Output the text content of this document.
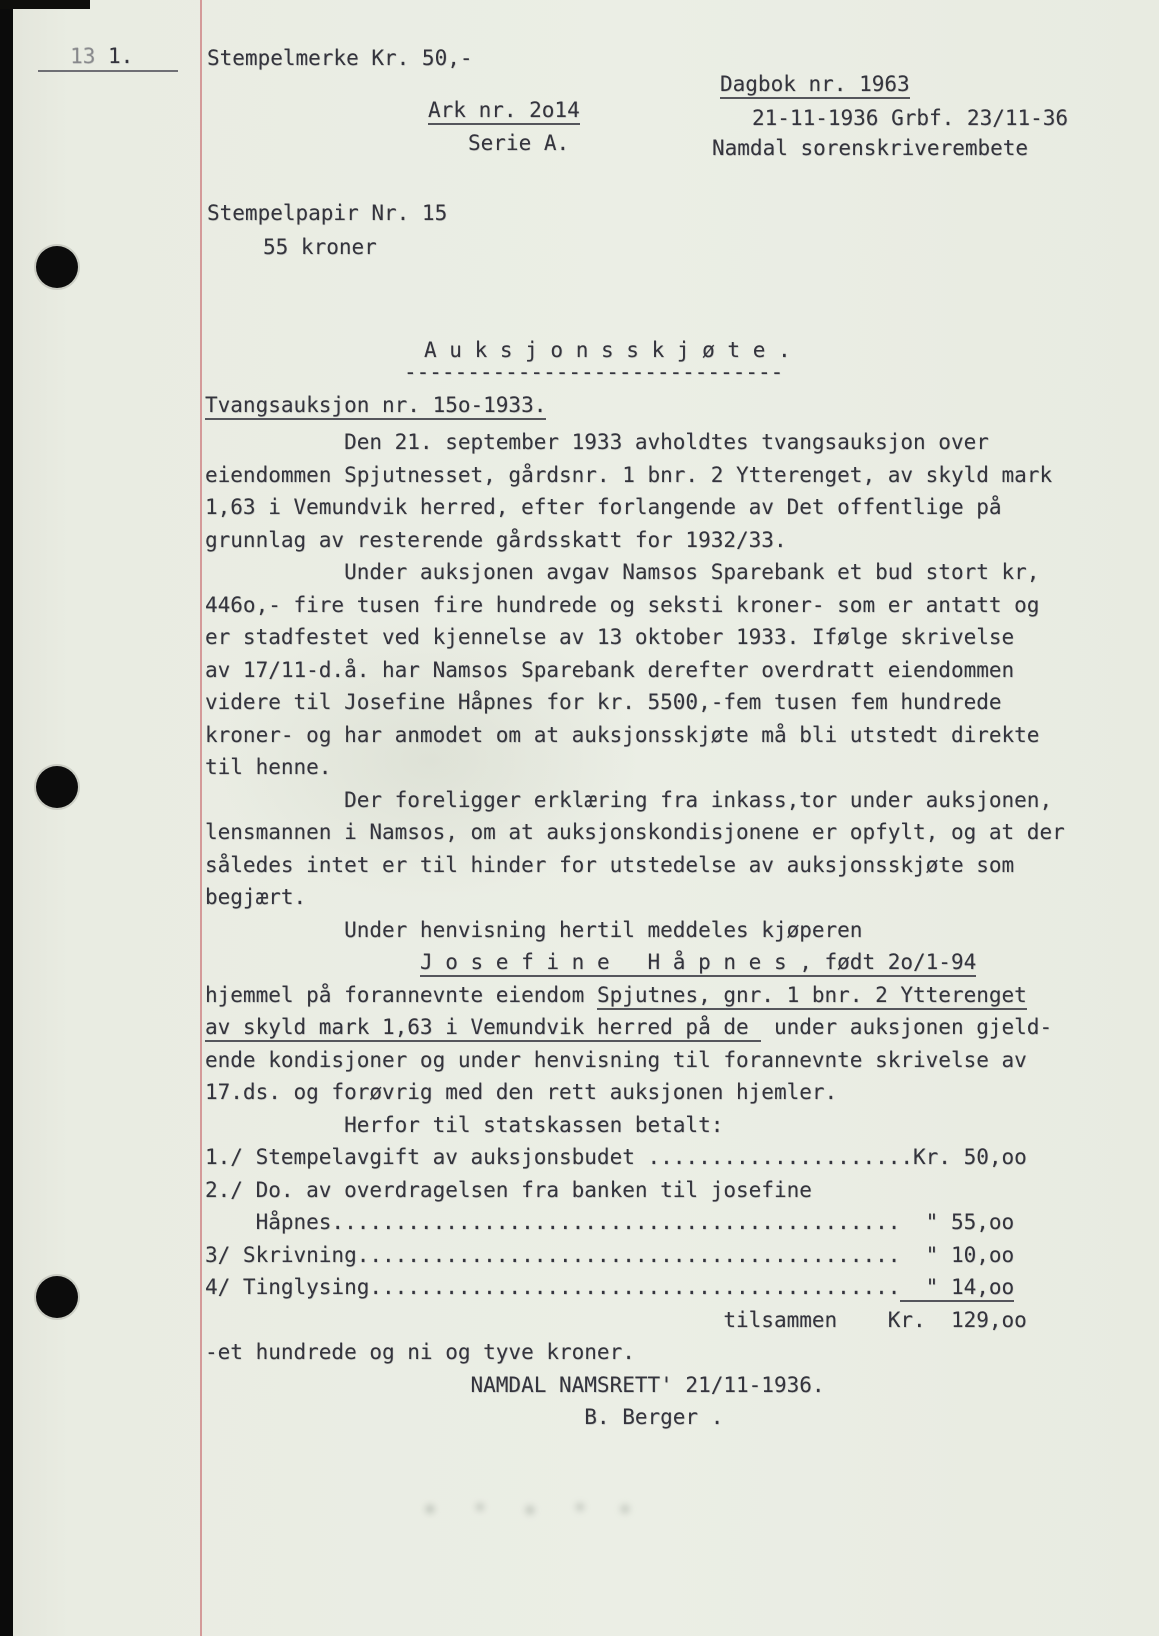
13 1.	Stempelmerke Kr. 50,-
Ark nr. 2o14
Serie A.
Dagbok nr. 1963
21-11-1936 Grbf. 23/11-36
Namdal sorenskriverembete
Stempelpapir Nr. 15
55 kroner
A u k s j o n s s k j ø t e .
------------------------------
Tvangsauksjon nr. 15o-1933.
Den 21. september 1933 avholdtes tvangsauksjon over
eiendommen Spjutnesset, gårdsnr. 1 bnr. 2 Ytterenget, av skyld mark
1,63 i Vemundvik herred, efter forlangende av Det offentlige på
grunnlag av resterende gårdsskatt for 1932/33.
Under auksjonen avgav Namsos Sparebank et bud stort kr,
446o,- fire tusen fire hundrede og seksti kroner- som er antatt og
er stadfestet ved kjennelse av 13 oktober 1933. Ifølge skrivelse
av 17/11-d.å. har Namsos Sparebank derefter overdratt eiendommen
videre til Josefine Håpnes for kr. 5500,-fem tusen fem hundrede
kroner- og har anmodet om at auksjonsskjøte må bli utstedt direkte
til henne.
Der foreligger erklæring fra inkass,tor under auksjonen,
lensmannen i Namsos, om at auksjonskondisjonene er opfylt, og at der
således intet er til hinder for utstedelse av auksjonsskjøte som
begjært.
Under henvisning hertil meddeles kjøperen
J o s e f i n e   H å p n e s , født 2o/1-94
hjemmel på forannevnte eiendom Spjutnes, gnr. 1 bnr. 2 Ytterenget
av skyld mark 1,63 i Vemundvik herred på de  under auksjonen gjeld-
ende kondisjoner og under henvisning til forannevnte skrivelse av
17.ds. og forøvrig med den rett auksjonen hjemler.
Herfor til statskassen betalt:
1./ Stempelavgift av auksjonsbudet .....................Kr. 50,oo
2./ Do. av overdragelsen fra banken til josefine
Håpnes.............................................  " 55,oo
3/ Skrivning...........................................  " 10,oo
4/ Tinglysing..........................................  " 14,oo
tilsammen    Kr.  129,oo
-et hundrede og ni og tyve kroner.
NAMDAL NAMSRETT' 21/11-1936.
B. Berger .
